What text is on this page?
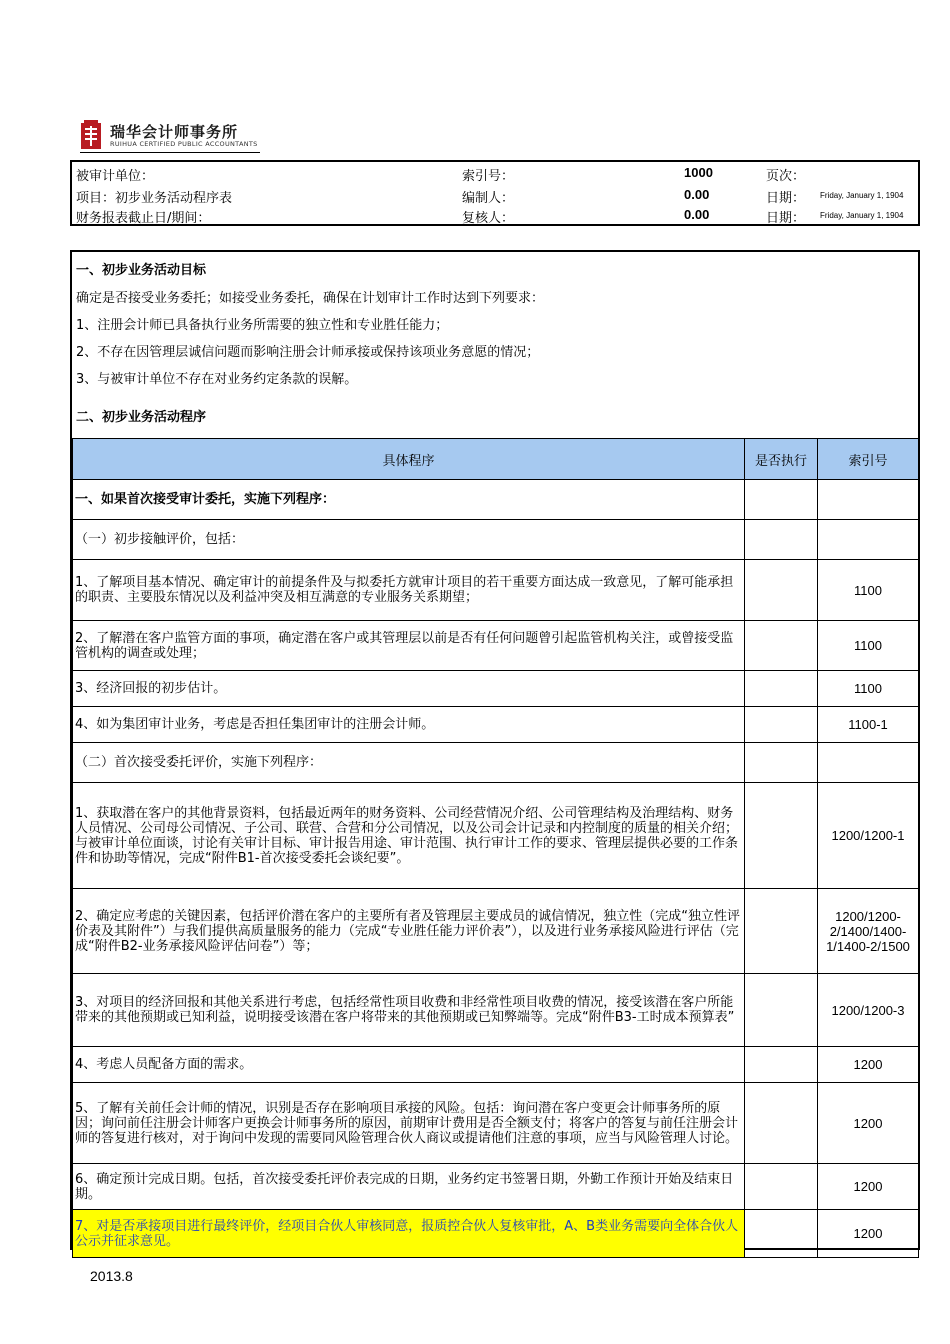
瑞华会计师事务所
RUIHUA CERTIFIED PUBLIC ACCOUNTANTS
被审计单位：	索引号：	1000	页次：
项目：初步业务活动程序表	编制人：	0.00	日期： Friday, January 1, 1904
财务报表截止日/期间：	复核人：	0.00	日期： Friday, January 1, 1904
一、初步业务活动目标
确定是否接受业务委托；如接受业务委托，确保在计划审计工作时达到下列要求：
1、注册会计师已具备执行业务所需要的独立性和专业胜任能力；
2、不存在因管理层诚信问题而影响注册会计师承接或保持该项业务意愿的情况；
3、与被审计单位不存在对业务约定条款的误解。
二、初步业务活动程序
具体程序	是否执行	索引号
一、如果首次接受审计委托，实施下列程序：		
（一）初步接触评价，包括：		
1、了解项目基本情况、确定审计的前提条件及与拟委托方就审计项目的若干重要方面达成一致意见，了解可能承担的职责、主要股东情况以及利益冲突及相互满意的专业服务关系期望；		1100
2、了解潜在客户监管方面的事项，确定潜在客户或其管理层以前是否有任何问题曾引起监管机构关注，或曾接受监管机构的调查或处理；		1100
3、经济回报的初步估计。		1100
4、如为集团审计业务，考虑是否担任集团审计的注册会计师。		1100-1
（二）首次接受委托评价，实施下列程序：		
1、获取潜在客户的其他背景资料，包括最近两年的财务资料、公司经营情况介绍、公司管理结构及治理结构、财务人员情况、公司母公司情况、子公司、联营、合营和分公司情况，以及公司会计记录和内控制度的质量的相关介绍；与被审计单位面谈，讨论有关审计目标、审计报告用途、审计范围、执行审计工作的要求、管理层提供必要的工作条件和协助等情况，完成“附件B1-首次接受委托会谈纪要”。		1200/1200-1
2、确定应考虑的关键因素，包括评价潜在客户的主要所有者及管理层主要成员的诚信情况，独立性（完成“独立性评价表及其附件”）与我们提供高质量服务的能力（完成“专业胜任能力评价表”），以及进行业务承接风险进行评估（完成“附件B2-业务承接风险评估问卷”）等；		1200/1200-2/1400/1400-1/1400-2/1500
3、对项目的经济回报和其他关系进行考虑，包括经常性项目收费和非经常性项目收费的情况，接受该潜在客户所能带来的其他预期或已知利益，说明接受该潜在客户将带来的其他预期或已知弊端等。完成“附件B3-工时成本预算表”		1200/1200-3
4、考虑人员配备方面的需求。		1200
5、了解有关前任会计师的情况，识别是否存在影响项目承接的风险。包括：询问潜在客户变更会计师事务所的原因；询问前任注册会计师客户更换会计师事务所的原因，前期审计费用是否全额支付；将客户的答复与前任注册会计师的答复进行核对，对于询问中发现的需要同风险管理合伙人商议或提请他们注意的事项，应当与风险管理人讨论。		1200
6、确定预计完成日期。包括，首次接受委托评价表完成的日期，业务约定书签署日期，外勤工作预计开始及结束日期。		1200
7、对是否承接项目进行最终评价，经项目合伙人审核同意，报质控合伙人复核审批，A、B类业务需要向全体合伙人公示并征求意见。		1200
2013.8
